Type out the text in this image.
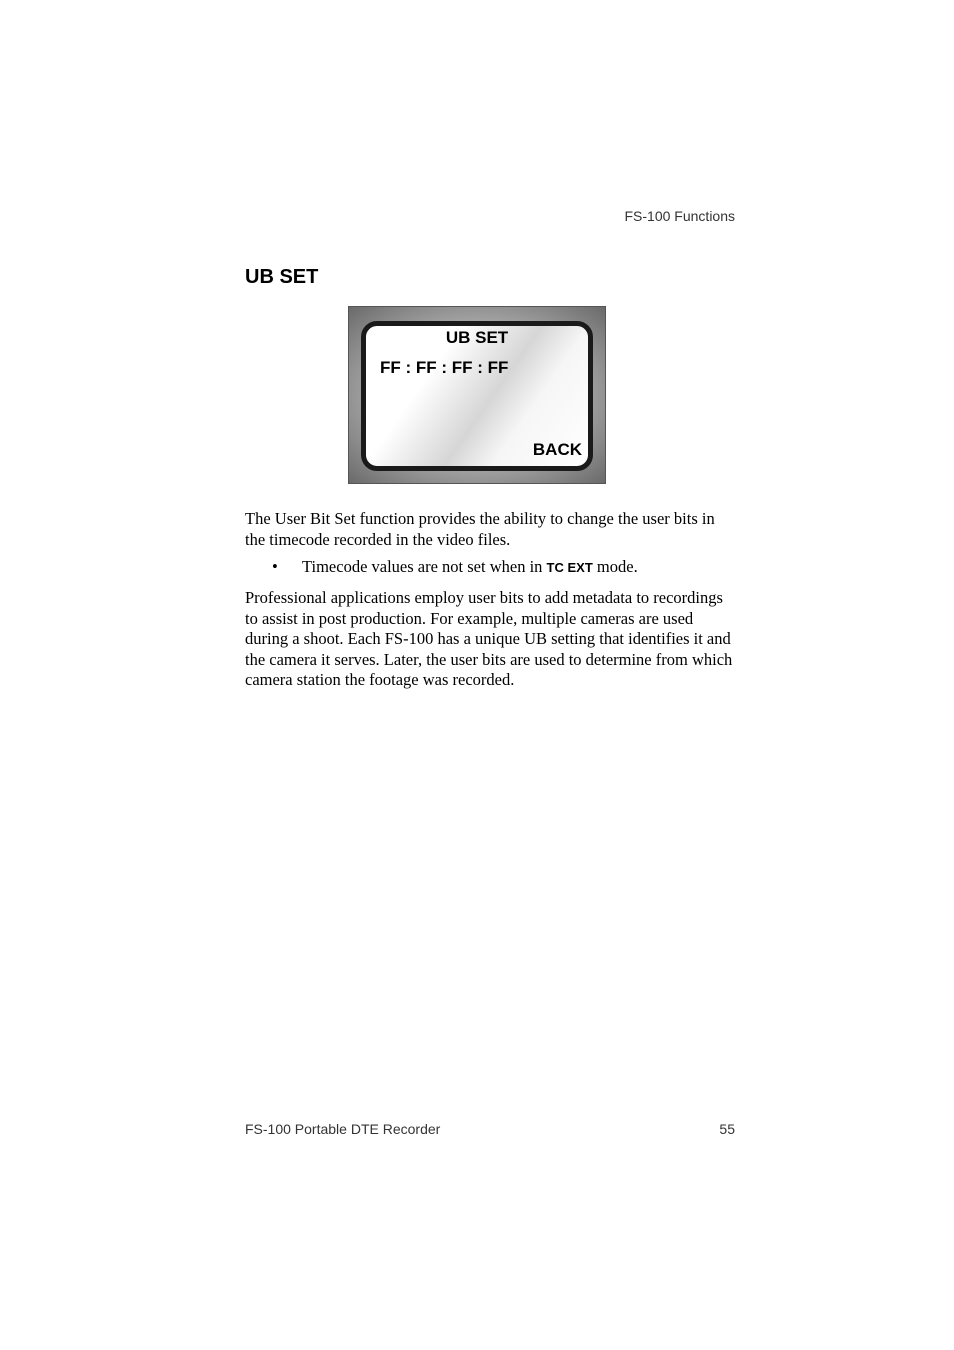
FS-100 Functions
UB SET
UB SET
FF : FF : FF : FF
BACK

The User Bit Set function provides the ability to change the user bits in the timecode recorded in the video files.

• Timecode values are not set when in TC EXT mode.

Professional applications employ user bits to add metadata to recordings to assist in post production. For example, multiple cameras are used during a shoot. Each FS-100 has a unique UB setting that identifies it and the camera it serves. Later, the user bits are used to determine from which camera station the footage was recorded.

FS-100 Portable DTE Recorder	55
